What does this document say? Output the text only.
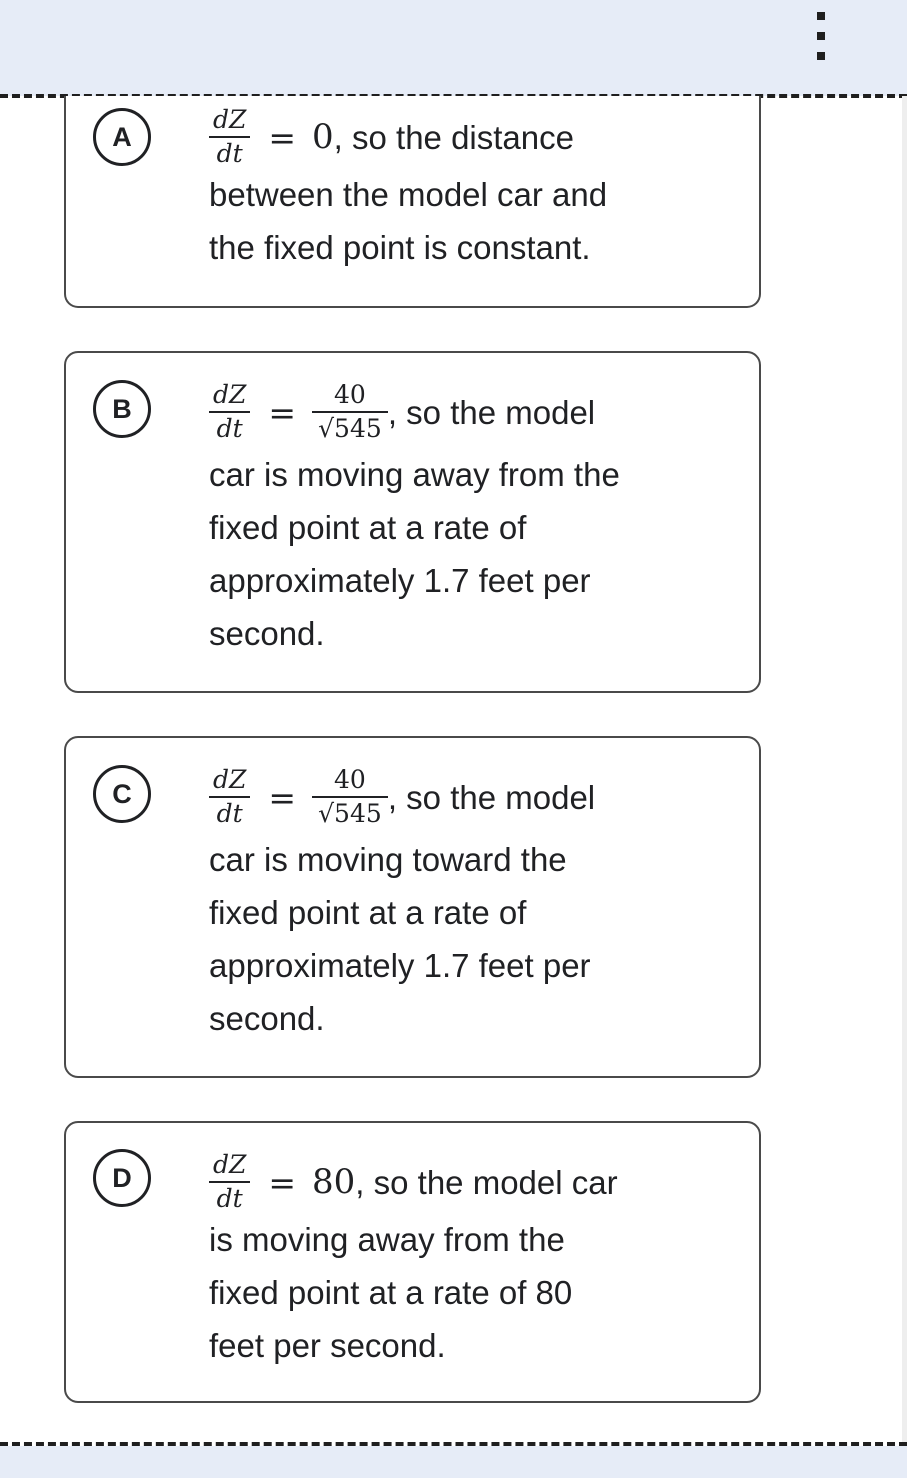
A	$\frac{dZ}{dt} = 0$ , so the distance
between the model car and
the fixed point is constant.
B	$\frac{dZ}{dt} = \frac{40}{√545}$ , so the model
car is moving away from the
fixed point at a rate of
approximately 1.7 feet per
second.
C	$\frac{dZ}{dt} = \frac{40}{√545}$ , so the model
car is moving toward the
fixed point at a rate of
approximately 1.7 feet per
second.
D	$\frac{dZ}{dt} = 80$ , so the model car
is moving away from the
fixed point at a rate of 80
feet per second.
